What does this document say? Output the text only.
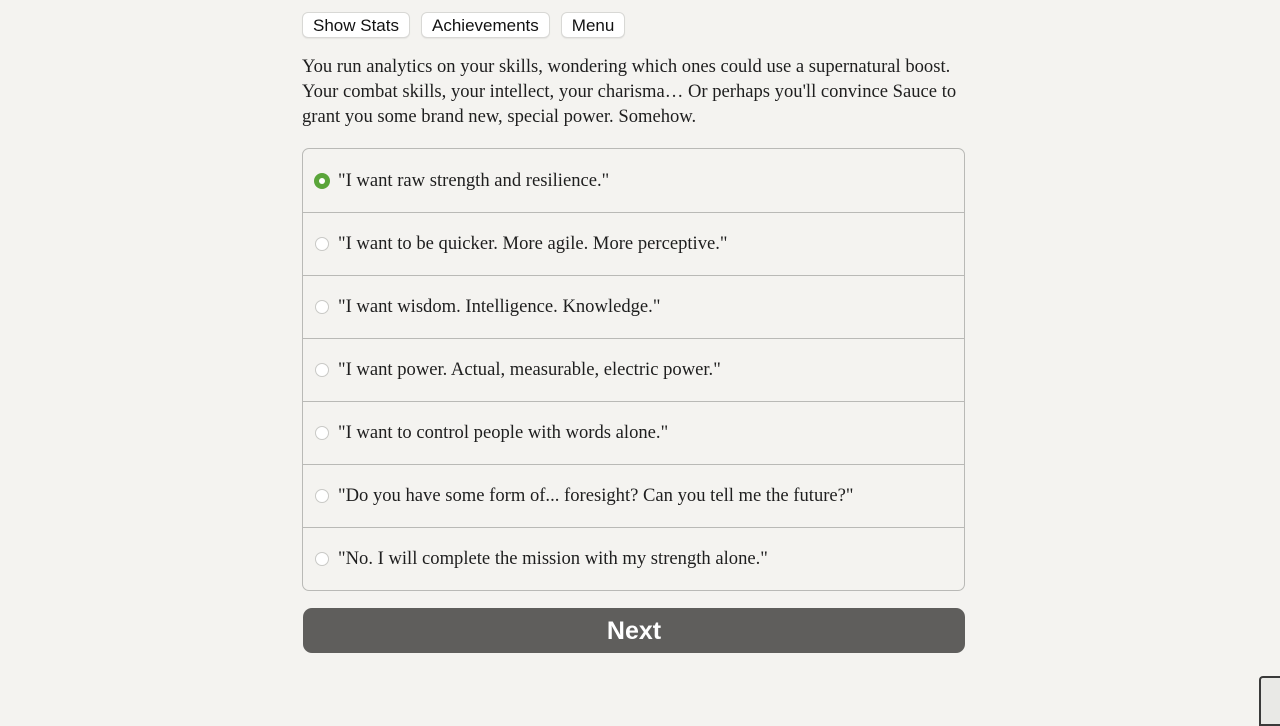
Show Stats	Achievements	Menu

You run analytics on your skills, wondering which ones could use a supernatural boost. Your combat skills, your intellect, your charisma… Or perhaps you'll convince Sauce to grant you some brand new, special power. Somehow.

"I want raw strength and resilience."
"I want to be quicker. More agile. More perceptive."
"I want wisdom. Intelligence. Knowledge."
"I want power. Actual, measurable, electric power."
"I want to control people with words alone."
"Do you have some form of... foresight? Can you tell me the future?"
"No. I will complete the mission with my strength alone."
Next
